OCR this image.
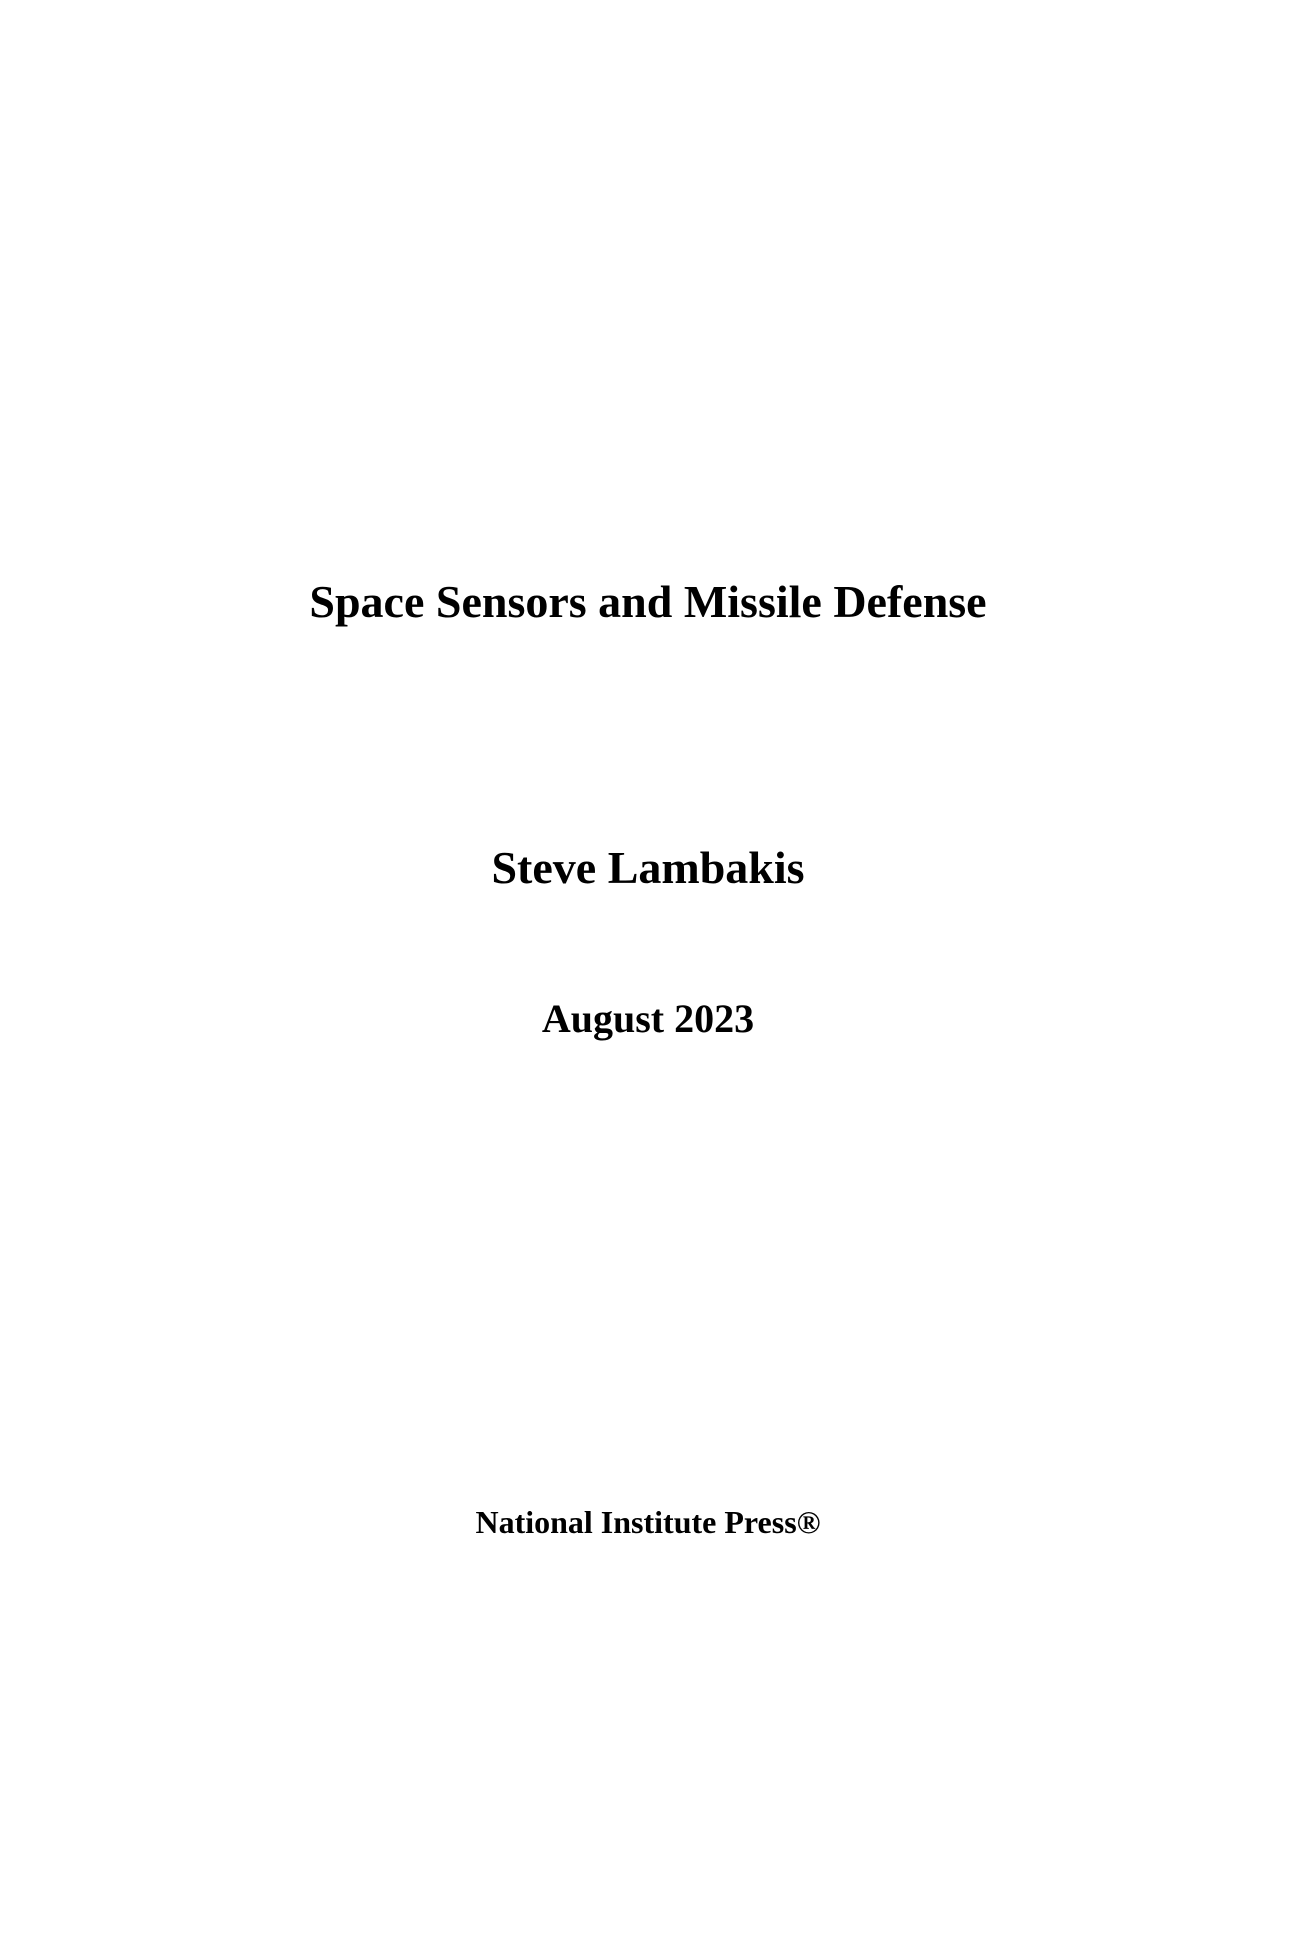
Space Sensors and Missile Defense
Steve Lambakis

August 2023

National Institute Press®
